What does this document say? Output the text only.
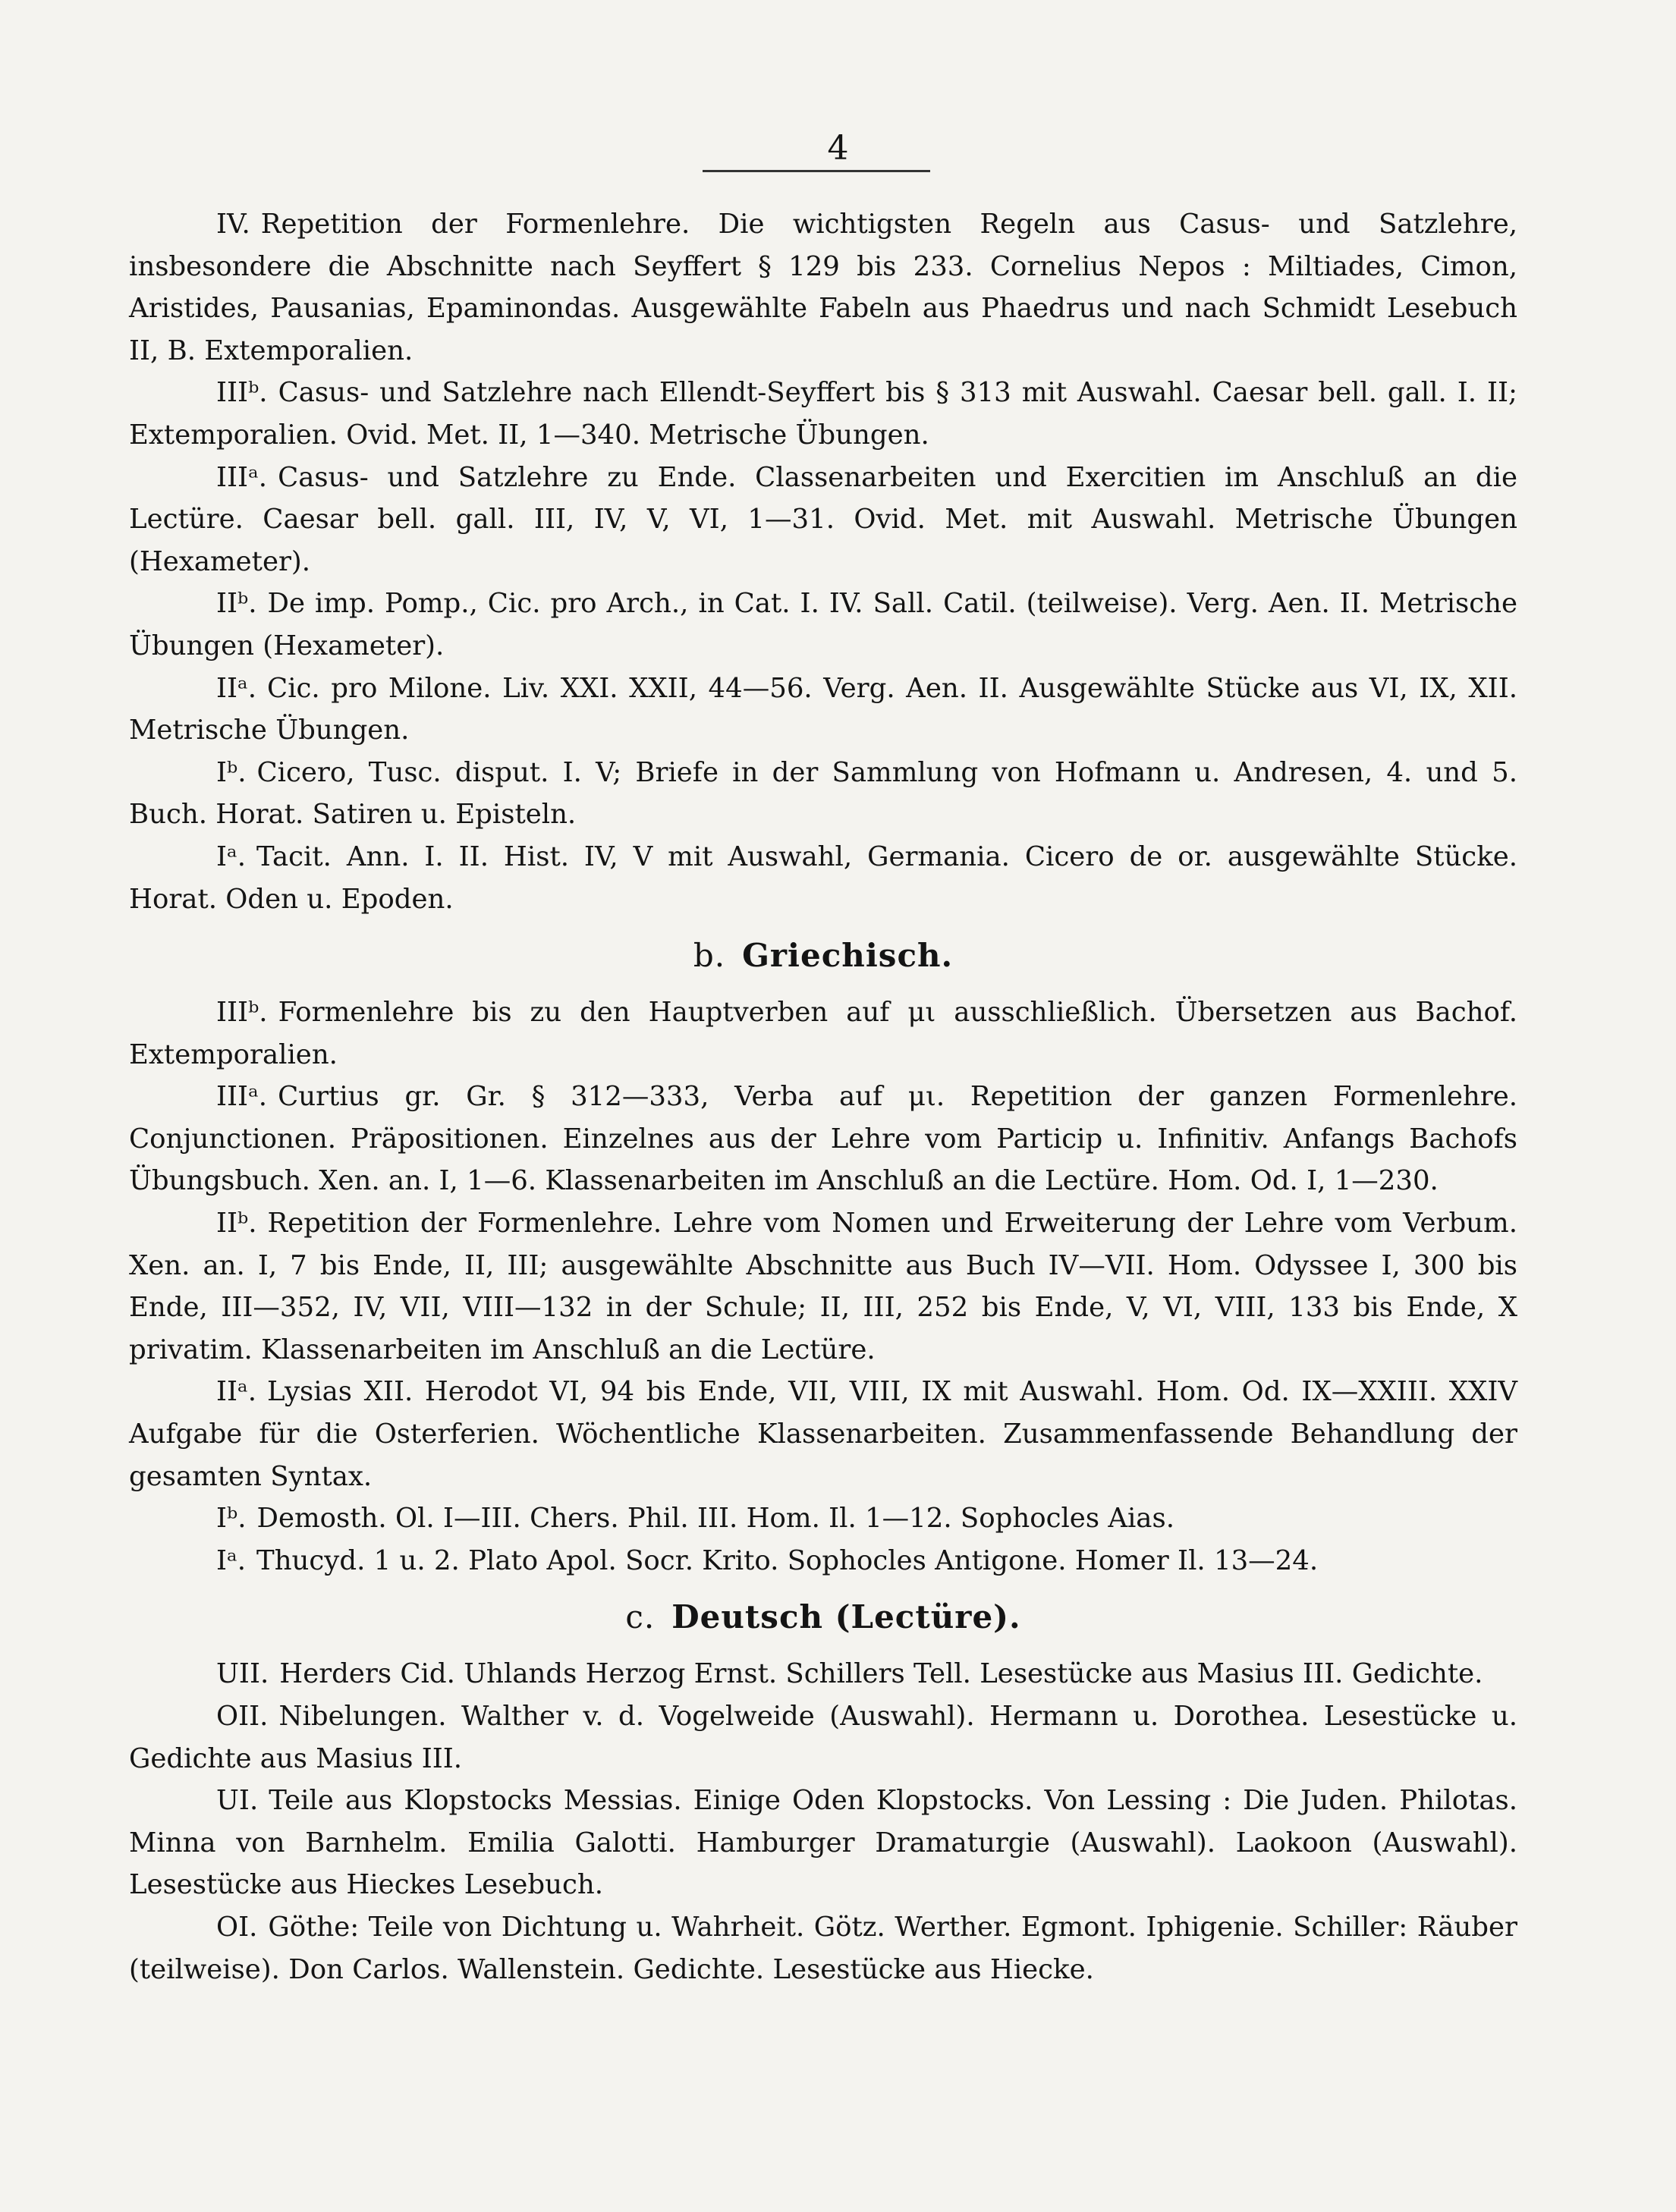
4

IV. Repetition der Formenlehre. Die wichtigsten Regeln aus Casus- und Satzlehre, insbesondere die Abschnitte nach Seyffert § 129 bis 233. Cornelius Nepos : Miltiades, Cimon, Aristides, Pausanias, Epaminondas. Ausgewählte Fabeln aus Phaedrus und nach Schmidt Lesebuch II, B. Extemporalien.

IIIᵇ. Casus- und Satzlehre nach Ellendt-Seyffert bis § 313 mit Auswahl. Caesar bell. gall. I. II; Extemporalien. Ovid. Met. II, 1—340. Metrische Übungen.

IIIᵃ. Casus- und Satzlehre zu Ende. Classenarbeiten und Exercitien im Anschluß an die Lectüre. Caesar bell. gall. III, IV, V, VI, 1—31. Ovid. Met. mit Auswahl. Metrische Übungen (Hexameter).

IIᵇ. De imp. Pomp., Cic. pro Arch., in Cat. I. IV. Sall. Catil. (teilweise). Verg. Aen. II. Metrische Übungen (Hexameter).

IIᵃ. Cic. pro Milone. Liv. XXI. XXII, 44—56. Verg. Aen. II. Ausgewählte Stücke aus VI, IX, XII. Metrische Übungen.

Iᵇ. Cicero, Tusc. disput. I. V; Briefe in der Sammlung von Hofmann u. Andresen, 4. und 5. Buch. Horat. Satiren u. Episteln.

Iᵃ. Tacit. Ann. I. II. Hist. IV, V mit Auswahl, Germania. Cicero de or. ausgewählte Stücke. Horat. Oden u. Epoden.

b. Griechisch.

IIIᵇ. Formenlehre bis zu den Hauptverben auf μι ausschließlich. Übersetzen aus Bachof. Extemporalien.

IIIᵃ. Curtius gr. Gr. § 312—333, Verba auf μι. Repetition der ganzen Formenlehre. Conjunctionen. Präpositionen. Einzelnes aus der Lehre vom Particip u. Infinitiv. Anfangs Bachofs Übungsbuch. Xen. an. I, 1—6. Klassenarbeiten im Anschluß an die Lectüre. Hom. Od. I, 1—230.

IIᵇ. Repetition der Formenlehre. Lehre vom Nomen und Erweiterung der Lehre vom Verbum. Xen. an. I, 7 bis Ende, II, III; ausgewählte Abschnitte aus Buch IV—VII. Hom. Odyssee I, 300 bis Ende, III—352, IV, VII, VIII—132 in der Schule; II, III, 252 bis Ende, V, VI, VIII, 133 bis Ende, X privatim. Klassenarbeiten im Anschluß an die Lectüre.

IIᵃ. Lysias XII. Herodot VI, 94 bis Ende, VII, VIII, IX mit Auswahl. Hom. Od. IX—XXIII. XXIV Aufgabe für die Osterferien. Wöchentliche Klassenarbeiten. Zusammenfassende Behandlung der gesamten Syntax.

Iᵇ. Demosth. Ol. I—III. Chers. Phil. III. Hom. Il. 1—12. Sophocles Aias.

Iᵃ. Thucyd. 1 u. 2. Plato Apol. Socr. Krito. Sophocles Antigone. Homer Il. 13—24.

c. Deutsch (Lectüre).

UII. Herders Cid. Uhlands Herzog Ernst. Schillers Tell. Lesestücke aus Masius III. Gedichte.

OII. Nibelungen. Walther v. d. Vogelweide (Auswahl). Hermann u. Dorothea. Lesestücke u. Gedichte aus Masius III.

UI. Teile aus Klopstocks Messias. Einige Oden Klopstocks. Von Lessing : Die Juden. Philotas. Minna von Barnhelm. Emilia Galotti. Hamburger Dramaturgie (Auswahl). Laokoon (Auswahl). Lesestücke aus Hieckes Lesebuch.

OI. Göthe: Teile von Dichtung u. Wahrheit. Götz. Werther. Egmont. Iphigenie. Schiller: Räuber (teilweise). Don Carlos. Wallenstein. Gedichte. Lesestücke aus Hiecke.
